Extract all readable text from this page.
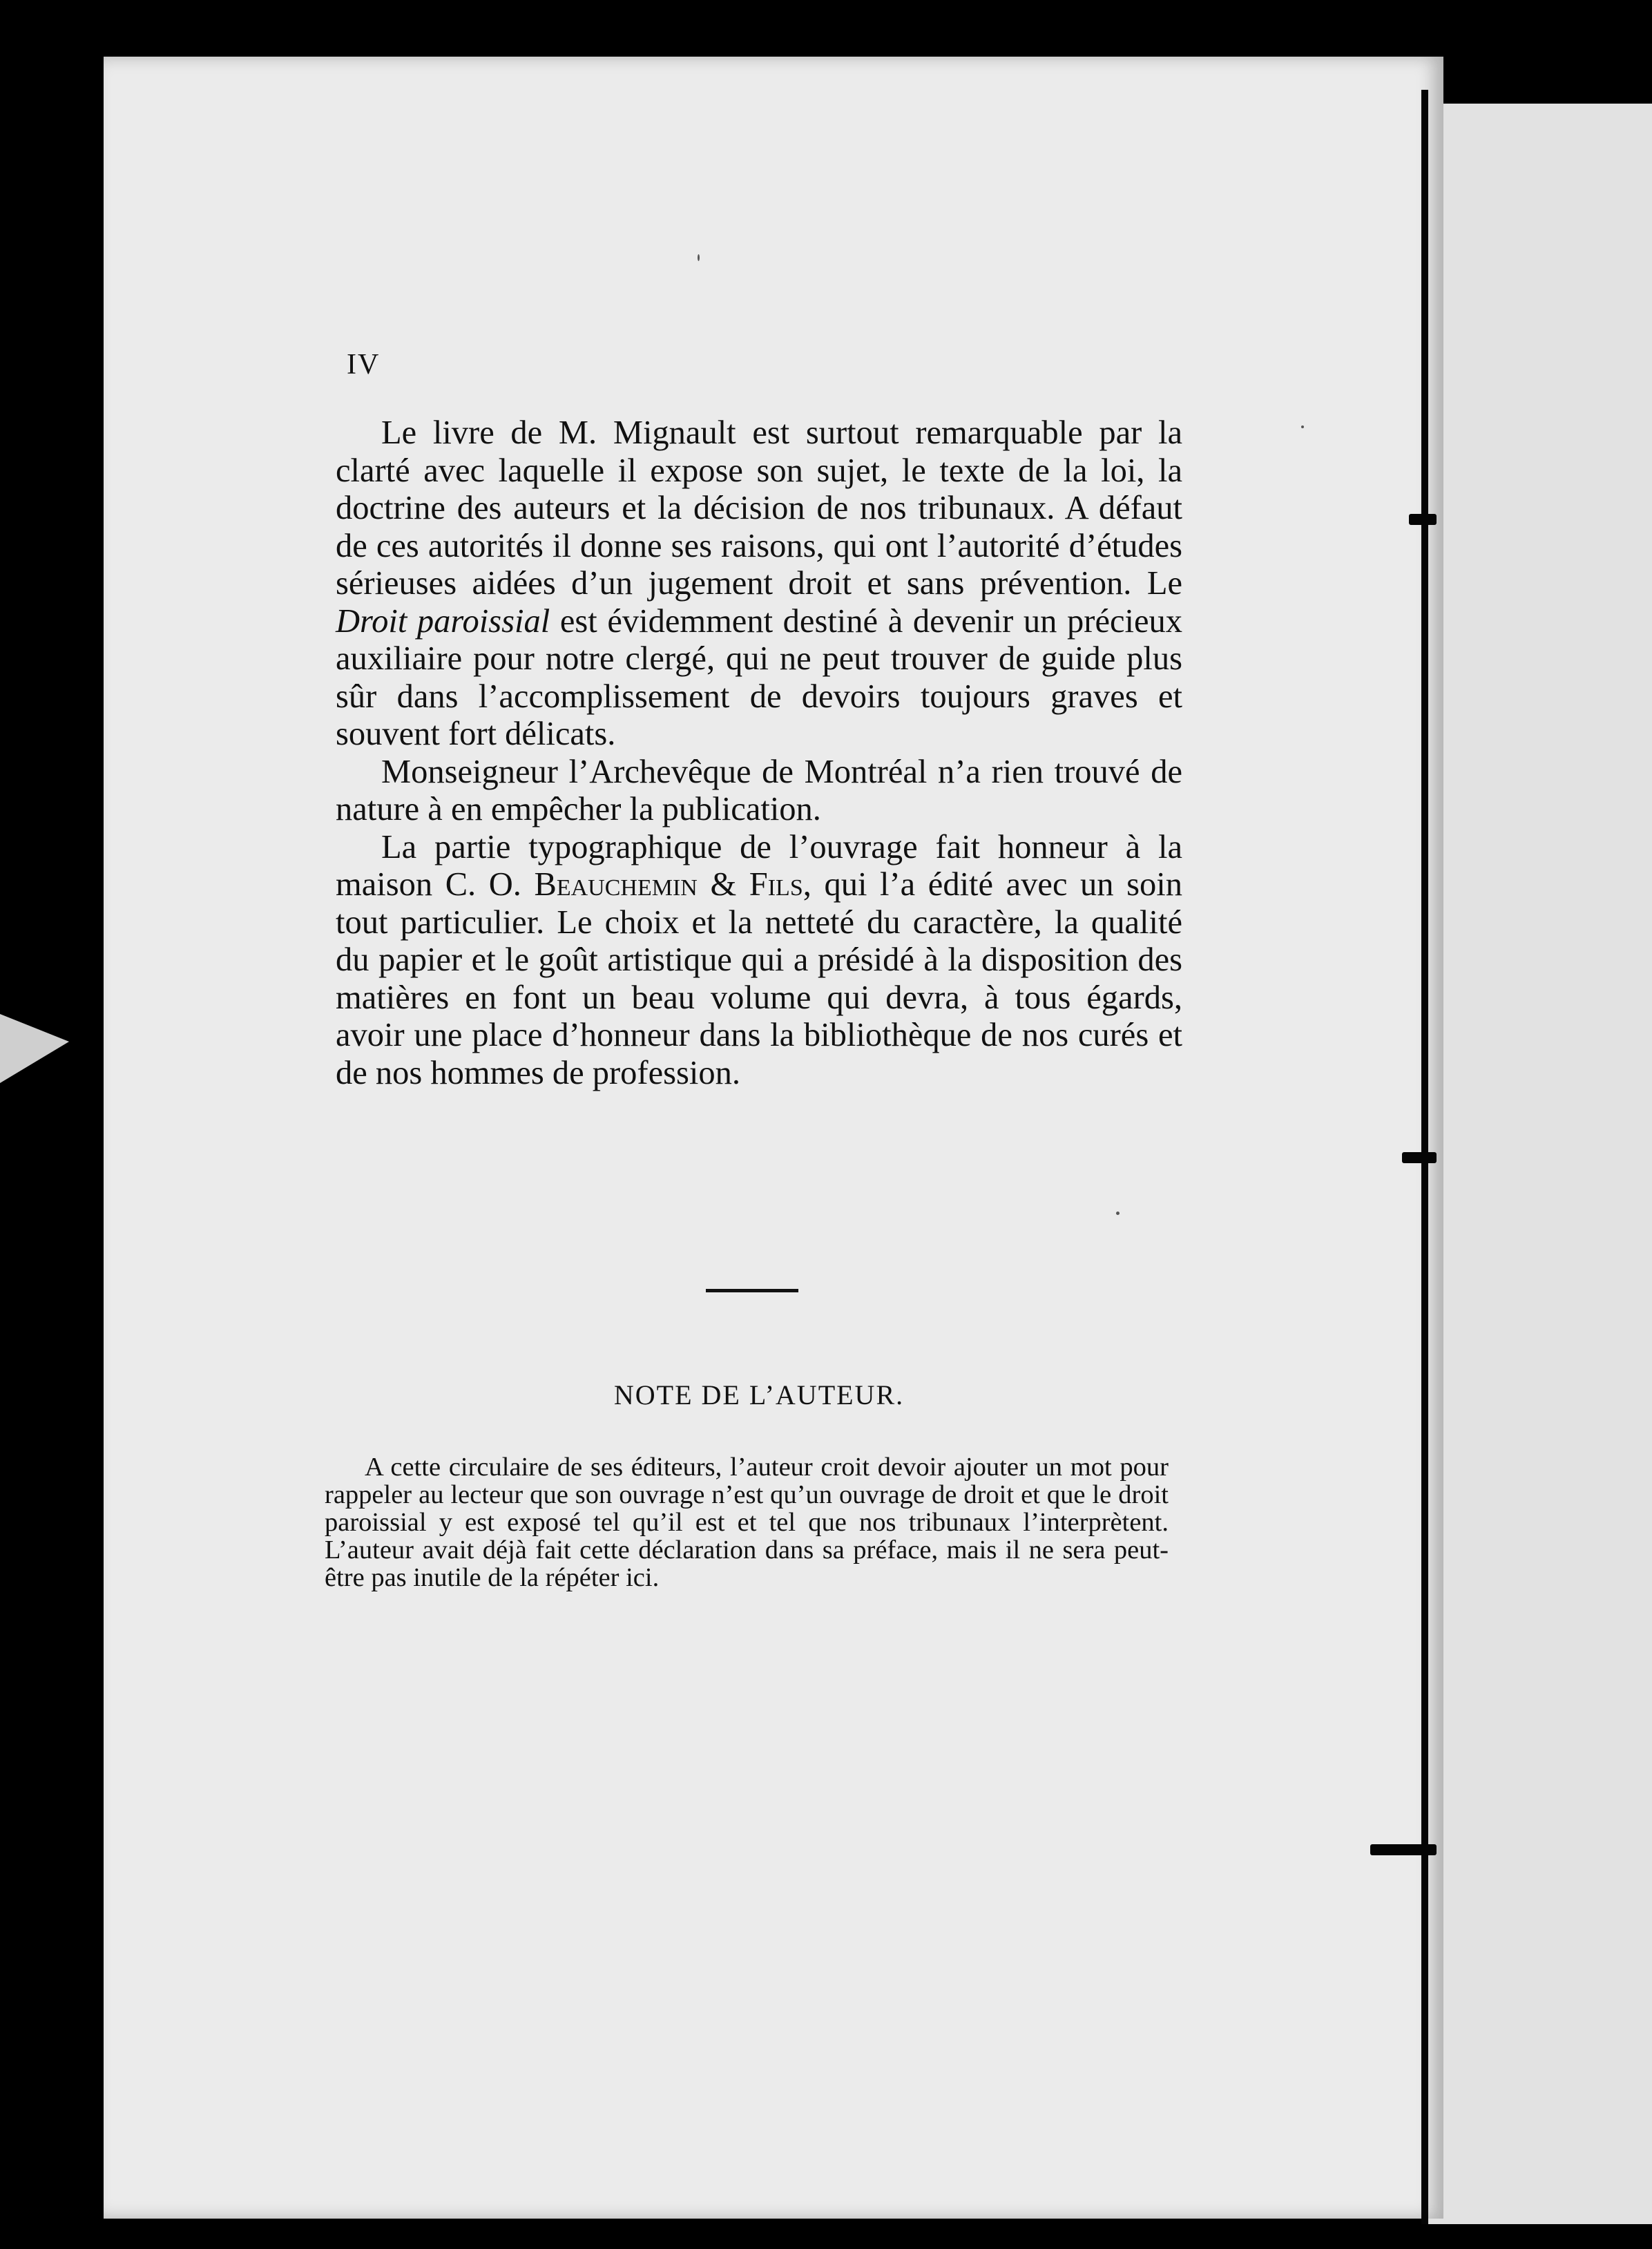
IV

Le livre de M. Mignault est surtout remarquable par la clarté avec laquelle il expose son sujet, le texte de la loi, la doctrine des auteurs et la décision de nos tribunaux. A défaut de ces autorités il donne ses raisons, qui ont l’autorité d’études sérieuses aidées d’un jugement droit et sans prévention. Le Droit paroissial est évidemment destiné à devenir un précieux auxiliaire pour notre clergé, qui ne peut trouver de guide plus sûr dans l’accomplissement de devoirs toujours graves et souvent fort délicats.

Monseigneur l’Archevêque de Montréal n’a rien trouvé de nature à en empêcher la publication.

La partie typographique de l’ouvrage fait honneur à la maison C. O. Beauchemin & Fils, qui l’a édité avec un soin tout particulier. Le choix et la netteté du caractère, la qualité du papier et le goût artistique qui a présidé à la disposition des matières en font un beau volume qui devra, à tous égards, avoir une place d’honneur dans la bibliothèque de nos curés et de nos hommes de profession.

NOTE DE L’AUTEUR.

A cette circulaire de ses éditeurs, l’auteur croit devoir ajouter un mot pour rappeler au lecteur que son ouvrage n’est qu’un ouvrage de droit et que le droit paroissial y est exposé tel qu’il est et tel que nos tribunaux l’interprètent. L’auteur avait déjà fait cette déclaration dans sa préface, mais il ne sera peut-être pas inutile de la répéter ici.
